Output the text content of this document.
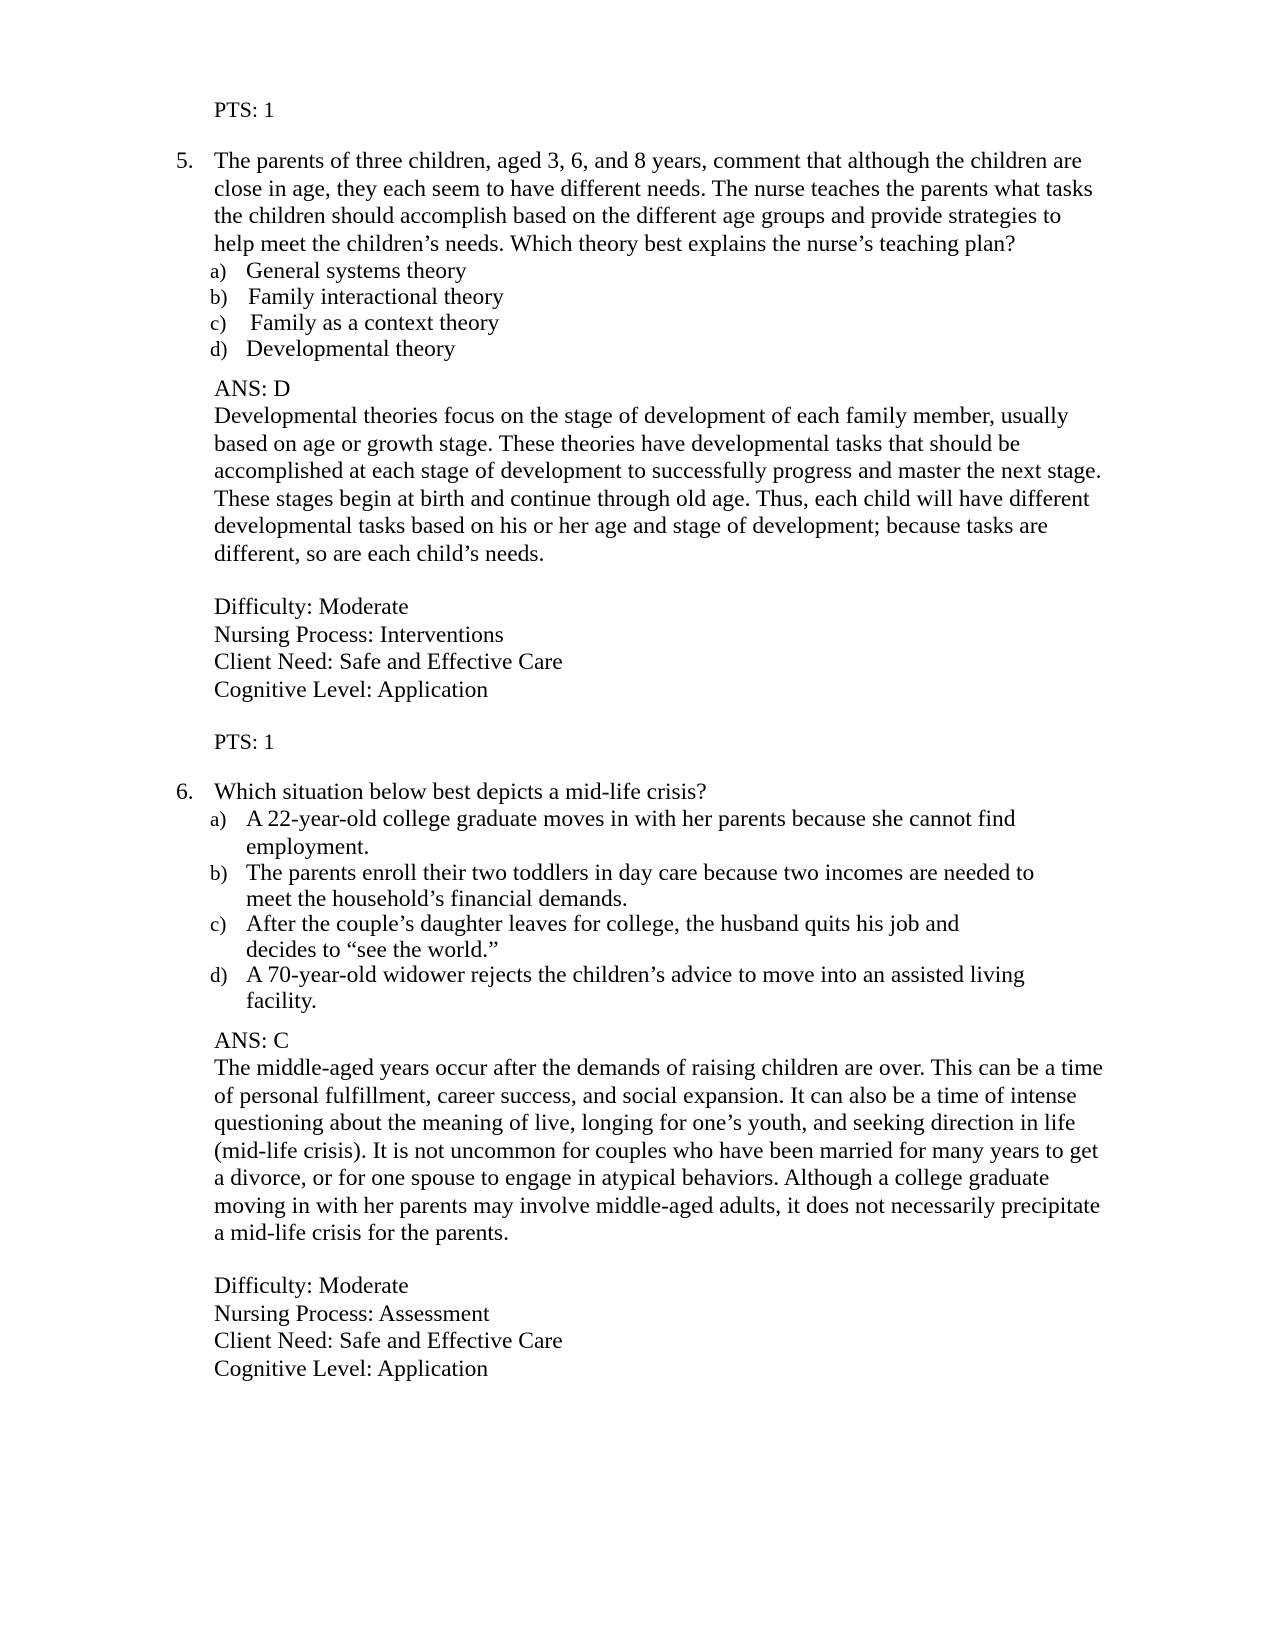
PTS: 1
5. The parents of three children, aged 3, 6, and 8 years, comment that although the children are
close in age, they each seem to have different needs. The nurse teaches the parents what tasks
the children should accomplish based on the different age groups and provide strategies to
help meet the children’s needs. Which theory best explains the nurse’s teaching plan?
a) General systems theory
b) Family interactional theory
c) Family as a context theory
d) Developmental theory
ANS: D
Developmental theories focus on the stage of development of each family member, usually
based on age or growth stage. These theories have developmental tasks that should be
accomplished at each stage of development to successfully progress and master the next stage.
These stages begin at birth and continue through old age. Thus, each child will have different
developmental tasks based on his or her age and stage of development; because tasks are
different, so are each child’s needs.
Difficulty: Moderate
Nursing Process: Interventions
Client Need: Safe and Effective Care
Cognitive Level: Application
PTS: 1
6. Which situation below best depicts a mid-life crisis?
a) A 22-year-old college graduate moves in with her parents because she cannot find
employment.
b) The parents enroll their two toddlers in day care because two incomes are needed to
meet the household’s financial demands.
c) After the couple’s daughter leaves for college, the husband quits his job and
decides to “see the world.”
d) A 70-year-old widower rejects the children’s advice to move into an assisted living
facility.
ANS: C
The middle-aged years occur after the demands of raising children are over. This can be a time
of personal fulfillment, career success, and social expansion. It can also be a time of intense
questioning about the meaning of live, longing for one’s youth, and seeking direction in life
(mid-life crisis). It is not uncommon for couples who have been married for many years to get
a divorce, or for one spouse to engage in atypical behaviors. Although a college graduate
moving in with her parents may involve middle-aged adults, it does not necessarily precipitate
a mid-life crisis for the parents.
Difficulty: Moderate
Nursing Process: Assessment
Client Need: Safe and Effective Care
Cognitive Level: Application
